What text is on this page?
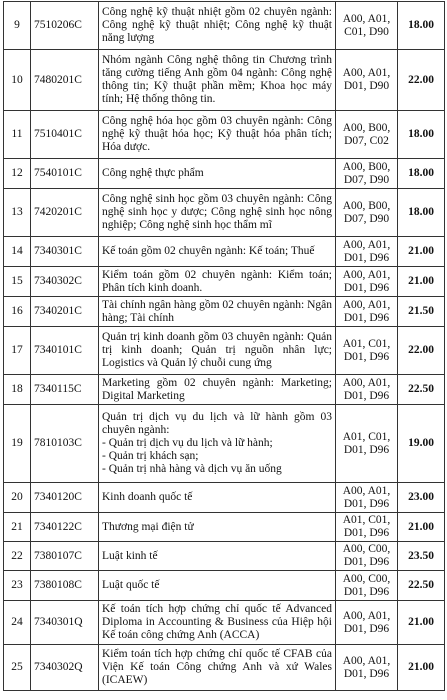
9	7510206C	Công nghệ kỹ thuật nhiệt gồm 02 chuyên ngành: Công nghệ kỹ thuật nhiệt; Công nghệ kỹ thuật năng lượng	A00, A01,
C01, D90	18.00
10	7480201C	Nhóm ngành Công nghệ thông tin Chương trình tăng cường tiếng Anh gồm 04 ngành: Công nghệ thông tin; Kỹ thuật phần mềm; Khoa học máy tính; Hệ thống thông tin.	A00, A01,
D01, D90	22.00
11	7510401C	Công nghệ hóa học gồm 03 chuyên ngành: Công nghệ kỹ thuật hóa học; Kỹ thuật hóa phân tích; Hóa dược.	A00, B00,
D07, C02	18.00
12	7540101C	Công nghệ thực phẩm	A00, B00,
D07, D90	18.00
13	7420201C	Công nghệ sinh học gồm 03 chuyên ngành: Công nghệ sinh học y dược; Công nghệ sinh học nông nghiệp; Công nghệ sinh học thẩm mĩ	A00, B00,
D07, D90	18.00
14	7340301C	Kế toán gồm 02 chuyên ngành: Kế toán; Thuế	A00, A01,
D01, D96	21.00
15	7340302C	Kiểm toán gồm 02 chuyên ngành: Kiểm toán; Phân tích kinh doanh.	A00, A01,
D01, D96	21.00
16	7340201C	Tài chính ngân hàng gồm 02 chuyên ngành: Ngân hàng; Tài chính	A00, A01,
D01, D96	21.50
17	7340101C	Quản trị kinh doanh gồm 03 chuyên ngành: Quản trị kinh doanh; Quản trị nguồn nhân lực; Logistics và Quản lý chuỗi cung ứng	A01, C01,
D01, D96	22.00
18	7340115C	Marketing gồm 02 chuyên ngành: Marketing; Digital Marketing	A00, A01,
D01, D96	22.50
19	7810103C	Quản trị dịch vụ du lịch và lữ hành gồm 03 chuyên ngành:
- Quản trị dịch vụ du lịch và lữ hành;
- Quản trị khách sạn;
- Quản trị nhà hàng và dịch vụ ăn uống	A01, C01,
D01, D96	19.00
20	7340120C	Kinh doanh quốc tế	A00, A01,
D01, D96	23.00
21	7340122C	Thương mại điện tử	A01, C01,
D01, D96	21.00
22	7380107C	Luật kinh tế	A00, C00,
D01, D96	23.50
23	7380108C	Luật quốc tế	A00, C00,
D01, D96	22.50
24	7340301Q	Kế toán tích hợp chứng chỉ quốc tế Advanced Diploma in Accounting & Business của Hiệp hội Kế toán công chứng Anh (ACCA)	A00, A01,
D01, D96	21.00
25	7340302Q	Kiểm toán tích hợp chứng chỉ quốc tế CFAB của Viện Kế toán Công chứng Anh và xứ Wales (ICAEW)	A00, A01,
D01, D96	21.00
